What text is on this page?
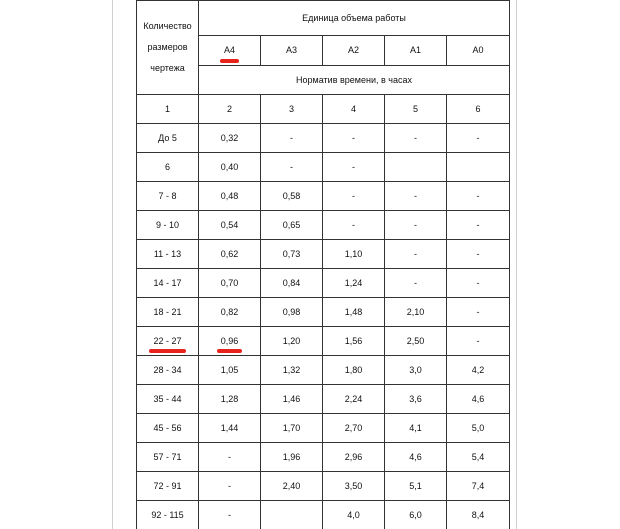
Количество
размеров
чертежа	Единица объема работы				
	А4	А3	А2	А1	А0
	Норматив времени, в часах				
1	2	3	4	5	6
До 5	0,32	-	-	-	-
6	0,40	-	-		
7 - 8	0,48	0,58	-	-	-
9 - 10	0,54	0,65	-	-	-
11 - 13	0,62	0,73	1,10	-	-
14 - 17	0,70	0,84	1,24	-	-
18 - 21	0,82	0,98	1,48	2,10	-
22 - 27	0,96	1,20	1,56	2,50	-
28 - 34	1,05	1,32	1,80	3,0	4,2
35 - 44	1,28	1,46	2,24	3,6	4,6
45 - 56	1,44	1,70	2,70	4,1	5,0
57 - 71	-	1,96	2,96	4,6	5,4
72 - 91	-	2,40	3,50	5,1	7,4
92 - 115	-		4,0	6,0	8,4
